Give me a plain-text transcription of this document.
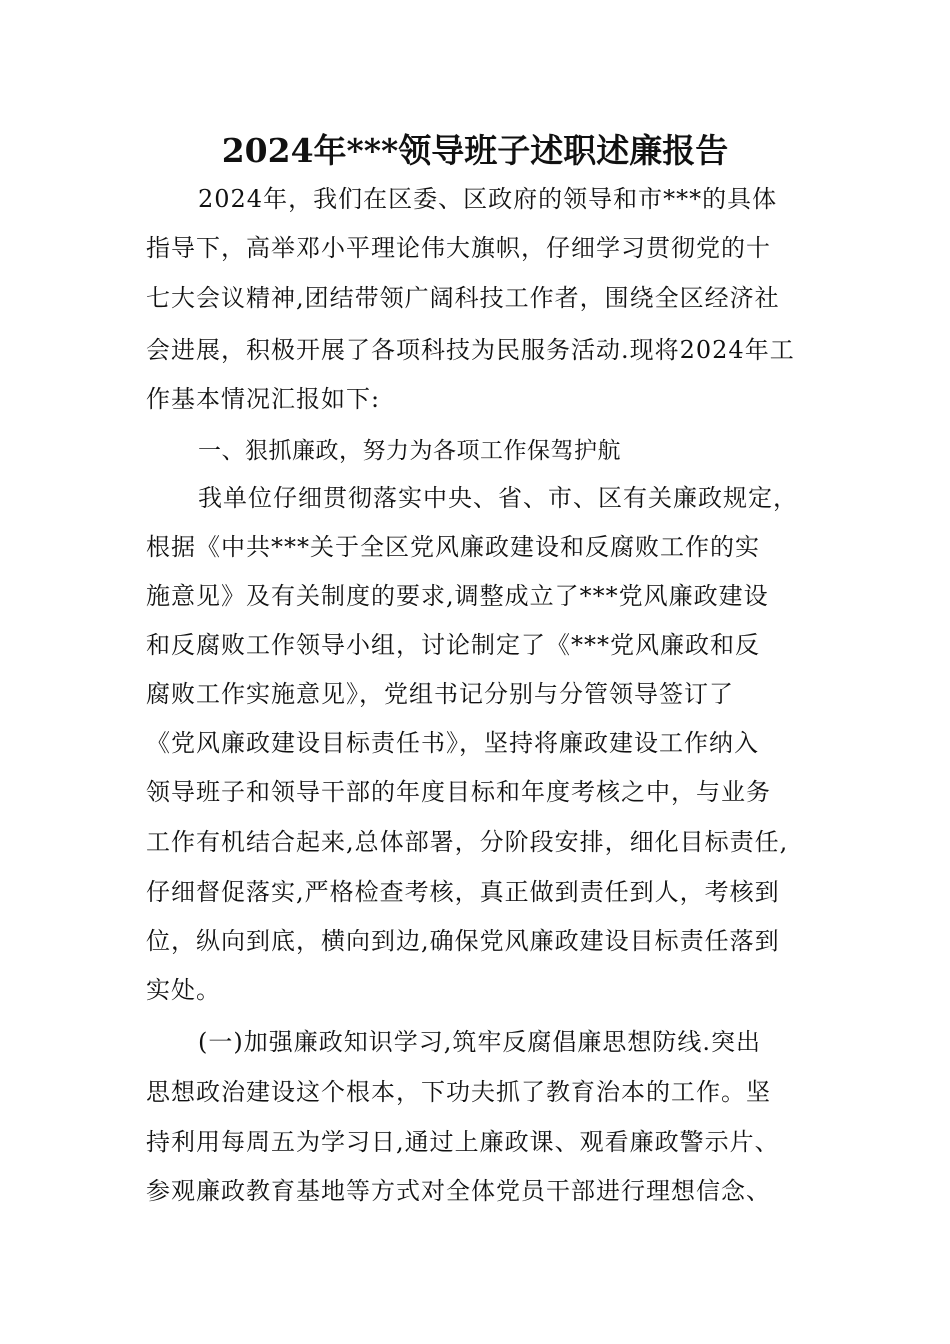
2024年***领导班子述职述廉报告
2024年，我们在区委、区政府的领导和市***的具体
指导下，高举邓小平理论伟大旗帜，仔细学习贯彻党的十
七大会议精神,团结带领广阔科技工作者，围绕全区经济社
会进展，积极开展了各项科技为民服务活动.现将2024年工
作基本情况汇报如下:
一、狠抓廉政，努力为各项工作保驾护航
我单位仔细贯彻落实中央、省、市、区有关廉政规定，
根据《中共***关于全区党风廉政建设和反腐败工作的实
施意见》及有关制度的要求,调整成立了***党风廉政建设
和反腐败工作领导小组，讨论制定了《***党风廉政和反
腐败工作实施意见》，党组书记分别与分管领导签订了
《党风廉政建设目标责任书》，坚持将廉政建设工作纳入
领导班子和领导干部的年度目标和年度考核之中，与业务
工作有机结合起来,总体部署，分阶段安排，细化目标责任,
仔细督促落实,严格检查考核，真正做到责任到人，考核到
位，纵向到底，横向到边,确保党风廉政建设目标责任落到
实处。
(一)加强廉政知识学习,筑牢反腐倡廉思想防线.突出
思想政治建设这个根本，下功夫抓了教育治本的工作。坚
持利用每周五为学习日,通过上廉政课、观看廉政警示片、
参观廉政教育基地等方式对全体党员干部进行理想信念、
